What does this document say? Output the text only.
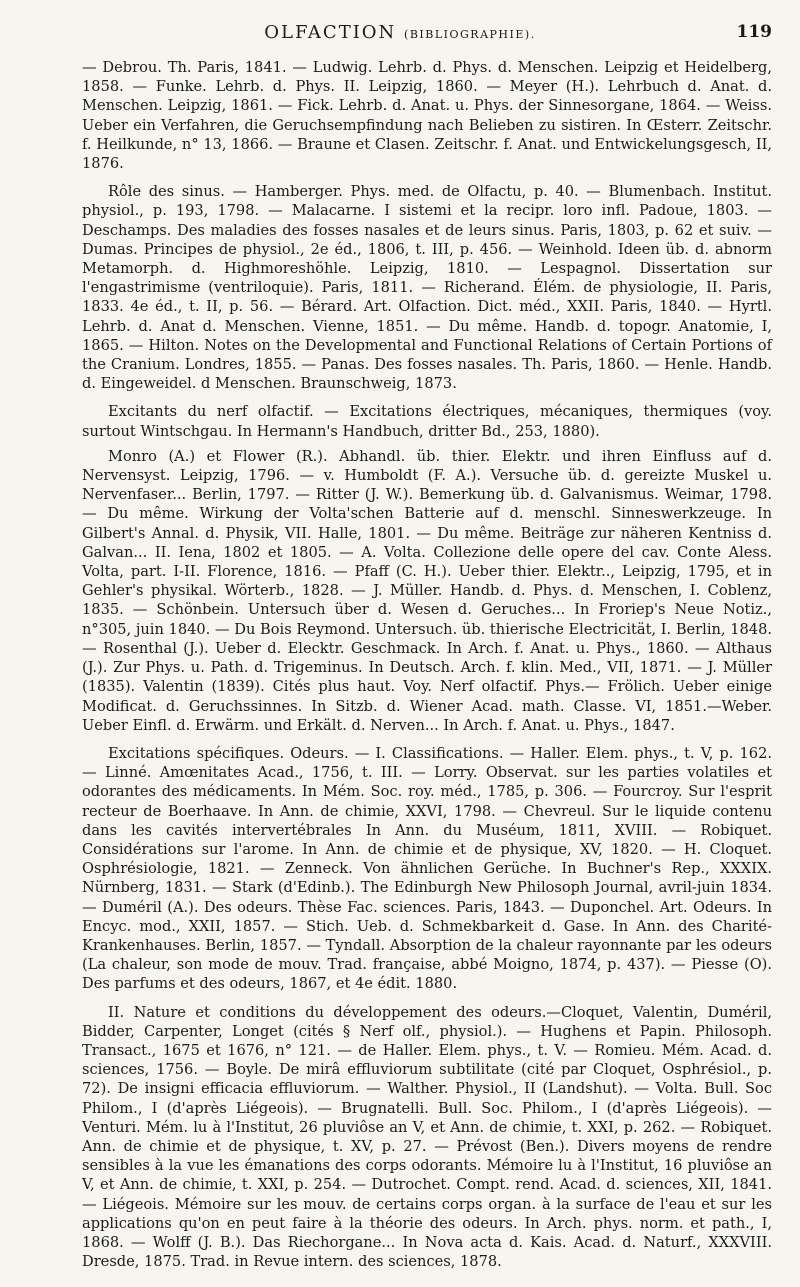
OLFACTION (BIBLIOGRAPHIE).	119

— Debrou. Th. Paris, 1841. — Ludwig. Lehrb. d. Phys. d. Menschen. Leipzig et Heidelberg, 1858. — Funke. Lehrb. d. Phys. II. Leipzig, 1860. — Meyer (H.). Lehrbuch d. Anat. d. Menschen. Leipzig, 1861. — Fick. Lehrb. d. Anat. u. Phys. der Sinnesorgane, 1864. — Weiss. Ueber ein Verfahren, die Geruchsempfindung nach Belieben zu sistiren. In Œsterr. Zeitschr. f. Heilkunde, n° 13, 1866. — Braune et Clasen. Zeitschr. f. Anat. und Entwickelungsgesch, II, 1876.

Rôle des sinus. — Hamberger. Phys. med. de Olfactu, p. 40. — Blumenbach. Institut. physiol., p. 193, 1798. — Malacarne. I sistemi et la recipr. loro infl. Padoue, 1803. — Deschamps. Des maladies des fosses nasales et de leurs sinus. Paris, 1803, p. 62 et suiv. — Dumas. Principes de physiol., 2e éd., 1806, t. III, p. 456. — Weinhold. Ideen üb. d. abnorm Metamorph. d. Highmoreshöhle. Leipzig, 1810. — Lespagnol. Dissertation sur l'engastrimisme (ventriloquie). Paris, 1811. — Richerand. Élém. de physiologie, II. Paris, 1833. 4e éd., t. II, p. 56. — Bérard. Art. Olfaction. Dict. méd., XXII. Paris, 1840. — Hyrtl. Lehrb. d. Anat d. Menschen. Vienne, 1851. — Du même. Handb. d. topogr. Anatomie, I, 1865. — Hilton. Notes on the Developmental and Functional Relations of Certain Portions of the Cranium. Londres, 1855. — Panas. Des fosses nasales. Th. Paris, 1860. — Henle. Handb. d. Eingeweidel. d Menschen. Braunschweig, 1873.

Excitants du nerf olfactif. — Excitations électriques, mécaniques, thermiques (voy. surtout Wintschgau. In Hermann's Handbuch, dritter Bd., 253, 1880).

Monro (A.) et Flower (R.). Abhandl. üb. thier. Elektr. und ihren Einfluss auf d. Nervensyst. Leipzig, 1796. — v. Humboldt (F. A.). Versuche üb. d. gereizte Muskel u. Nervenfaser... Berlin, 1797. — Ritter (J. W.). Bemerkung üb. d. Galvanismus. Weimar, 1798. — Du même. Wirkung der Volta'schen Batterie auf d. menschl. Sinneswerkzeuge. In Gilbert's Annal. d. Physik, VII. Halle, 1801. — Du même. Beiträge zur näheren Kentniss d. Galvan... II. Iena, 1802 et 1805. — A. Volta. Collezione delle opere del cav. Conte Aless. Volta, part. I-II. Florence, 1816. — Pfaff (C. H.). Ueber thier. Elektr.., Leipzig, 1795, et in Gehler's physikal. Wörterb., 1828. — J. Müller. Handb. d. Phys. d. Menschen, I. Coblenz, 1835. — Schönbein. Untersuch über d. Wesen d. Geruches... In Froriep's Neue Notiz., n°305, juin 1840. — Du Bois Reymond. Untersuch. üb. thierische Electricität, I. Berlin, 1848. — Rosenthal (J.). Ueber d. Elecktr. Geschmack. In Arch. f. Anat. u. Phys., 1860. — Althaus (J.). Zur Phys. u. Path. d. Trigeminus. In Deutsch. Arch. f. klin. Med., VII, 1871. — J. Müller (1835). Valentin (1839). Cités plus haut. Voy. Nerf olfactif. Phys.— Frölich. Ueber einige Modificat. d. Geruchssinnes. In Sitzb. d. Wiener Acad. math. Classe. VI, 1851.—Weber. Ueber Einfl. d. Erwärm. und Erkält. d. Nerven... In Arch. f. Anat. u. Phys., 1847.

Excitations spécifiques. Odeurs. — I. Classifications. — Haller. Elem. phys., t. V, p. 162. — Linné. Amœnitates Acad., 1756, t. III. — Lorry. Observat. sur les parties volatiles et odorantes des médicaments. In Mém. Soc. roy. méd., 1785, p. 306. — Fourcroy. Sur l'esprit recteur de Boerhaave. In Ann. de chimie, XXVI, 1798. — Chevreul. Sur le liquide contenu dans les cavités intervertébrales In Ann. du Muséum, 1811, XVIII. — Robiquet. Considérations sur l'arome. In Ann. de chimie et de physique, XV, 1820. — H. Cloquet. Osphrésiologie, 1821. — Zenneck. Von ähnlichen Gerüche. In Buchner's Rep., XXXIX. Nürnberg, 1831. — Stark (d'Edinb.). The Edinburgh New Philosoph Journal, avril-juin 1834. — Duméril (A.). Des odeurs. Thèse Fac. sciences. Paris, 1843. — Duponchel. Art. Odeurs. In Encyc. mod., XXII, 1857. — Stich. Ueb. d. Schmekbarkeit d. Gase. In Ann. des Charité-Krankenhauses. Berlin, 1857. — Tyndall. Absorption de la chaleur rayonnante par les odeurs (La chaleur, son mode de mouv. Trad. française, abbé Moigno, 1874, p. 437). — Piesse (O). Des parfums et des odeurs, 1867, et 4e édit. 1880.

II. Nature et conditions du développement des odeurs.—Cloquet, Valentin, Duméril, Bidder, Carpenter, Longet (cités § Nerf olf., physiol.). — Hughens et Papin. Philosoph. Transact., 1675 et 1676, n° 121. — de Haller. Elem. phys., t. V. — Romieu. Mém. Acad. d. sciences, 1756. — Boyle. De mirâ effluviorum subtilitate (cité par Cloquet, Osphrésiol., p. 72). De insigni efficacia effluviorum. — Walther. Physiol., II (Landshut). — Volta. Bull. Soc Philom., I (d'après Liégeois). — Brugnatelli. Bull. Soc. Philom., I (d'après Liégeois). — Venturi. Mém. lu à l'Institut, 26 pluviôse an V, et Ann. de chimie, t. XXI, p. 262. — Robiquet. Ann. de chimie et de physique, t. XV, p. 27. — Prévost (Ben.). Divers moyens de rendre sensibles à la vue les émanations des corps odorants. Mémoire lu à l'Institut, 16 pluviôse an V, et Ann. de chimie, t. XXI, p. 254. — Dutrochet. Compt. rend. Acad. d. sciences, XII, 1841. — Liégeois. Mémoire sur les mouv. de certains corps organ. à la surface de l'eau et sur les applications qu'on en peut faire à la théorie des odeurs. In Arch. phys. norm. et path., I, 1868. — Wolff (J. B.). Das Riechorgane... In Nova acta d. Kais. Acad. d. Naturf., XXXVIII. Dresde, 1875. Trad. in Revue intern. des sciences, 1878.
